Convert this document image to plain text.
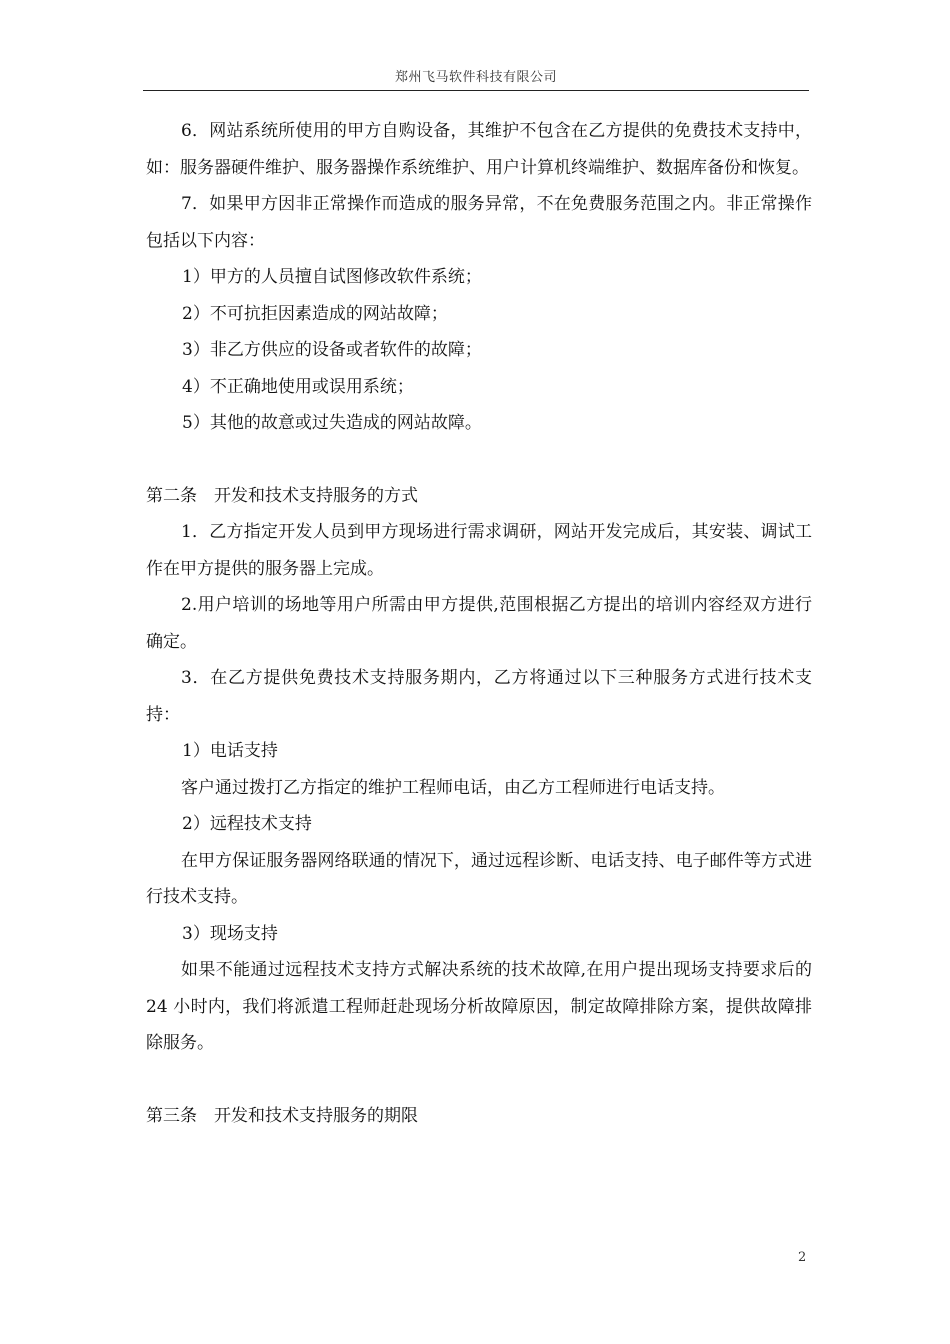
郑州飞马软件科技有限公司

6．网站系统所使用的甲方自购设备，其维护不包含在乙方提供的免费技术支持中，如：服务器硬件维护、服务器操作系统维护、用户计算机终端维护、数据库备份和恢复。

7．如果甲方因非正常操作而造成的服务异常，不在免费服务范围之内。非正常操作包括以下内容：

1）甲方的人员擅自试图修改软件系统；

2）不可抗拒因素造成的网站故障；

3）非乙方供应的设备或者软件的故障；

4）不正确地使用或误用系统；

5）其他的故意或过失造成的网站故障。

第二条　开发和技术支持服务的方式

1．乙方指定开发人员到甲方现场进行需求调研，网站开发完成后，其安装、调试工作在甲方提供的服务器上完成。

2.用户培训的场地等用户所需由甲方提供,范围根据乙方提出的培训内容经双方进行确定。

3．在乙方提供免费技术支持服务期内，乙方将通过以下三种服务方式进行技术支持：

1）电话支持

客户通过拨打乙方指定的维护工程师电话，由乙方工程师进行电话支持。

2）远程技术支持

在甲方保证服务器网络联通的情况下，通过远程诊断、电话支持、电子邮件等方式进行技术支持。

3）现场支持

如果不能通过远程技术支持方式解决系统的技术故障,在用户提出现场支持要求后的 24 小时内，我们将派遣工程师赶赴现场分析故障原因，制定故障排除方案，提供故障排除服务。

第三条　开发和技术支持服务的期限

2
